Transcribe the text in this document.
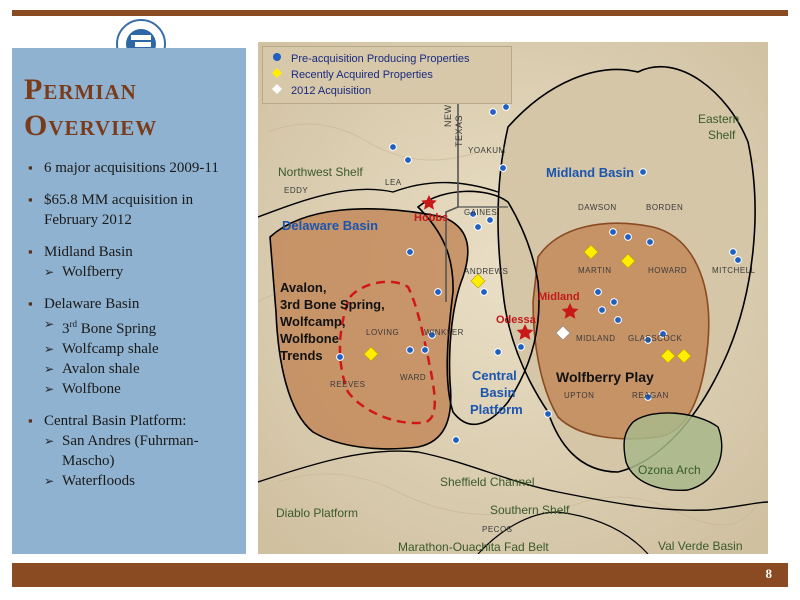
Permian
Overview
▪ 6 major acquisitions 2009-11
▪ $65.8 MM acquisition in February 2012
▪ Midland Basin
➢ Wolfberry
▪ Delaware Basin
➢ 3rd Bone Spring
➢ Wolfcamp shale
➢ Avalon shale
➢ Wolfbone
▪ Central Basin Platform:
➢ San Andres (Fuhrman-Mascho)
➢ Waterfloods
TEXAS	Eastern
Shelf
Northwest Shelf	Midland Basin
Delaware Basin
Central
Basin
Platform
Ozona Arch
Sheffield Channel
Southern Shelf
Diablo Platform
Marathon-Ouachita Fad Belt	Val Verde Basin
YOAKUM
LEA
EDDY
GAINES
DAWSON	BORDEN
ANDREWS	MARTIN	HOWARD	MITCHELL
LOVING	WINKLER
MIDLAND GLASSCOCK
WARD
REEVES
UPTON	REAGAN
PECOS
Hobbs
Midland
Odessa
Avalon,
3rd Bone Spring,
Wolfcamp,
Wolfbone
Trends
Wolfberry Play
Pre-acquisition Producing Properties
Recently Acquired Properties
2012 Acquisition
8
